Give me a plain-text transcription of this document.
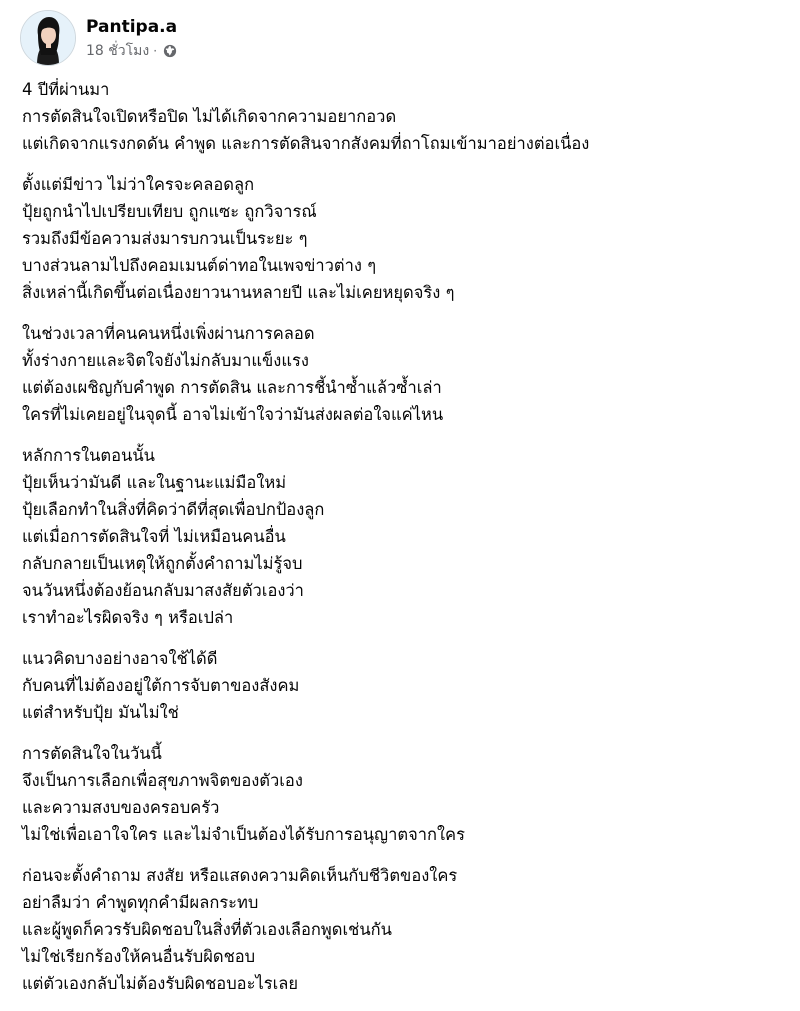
Pantipa.a
18 ชั่วโมง ·
4 ปีที่ผ่านมา
การตัดสินใจเปิดหรือปิด ไม่ได้เกิดจากความอยากอวด
แต่เกิดจากแรงกดดัน คำพูด และการตัดสินจากสังคมที่ถาโถมเข้ามาอย่างต่อเนื่อง
ตั้งแต่มีข่าว ไม่ว่าใครจะคลอดลูก
ปุ้ยถูกนำไปเปรียบเทียบ ถูกแซะ ถูกวิจารณ์
รวมถึงมีข้อความส่งมารบกวนเป็นระยะ ๆ
บางส่วนลามไปถึงคอมเมนต์ด่าทอในเพจข่าวต่าง ๆ
สิ่งเหล่านี้เกิดขึ้นต่อเนื่องยาวนานหลายปี และไม่เคยหยุดจริง ๆ
ในช่วงเวลาที่คนคนหนึ่งเพิ่งผ่านการคลอด
ทั้งร่างกายและจิตใจยังไม่กลับมาแข็งแรง
แต่ต้องเผชิญกับคำพูด การตัดสิน และการชี้นำซ้ำแล้วซ้ำเล่า
ใครที่ไม่เคยอยู่ในจุดนี้ อาจไม่เข้าใจว่ามันส่งผลต่อใจแค่ไหน
หลักการในตอนนั้น
ปุ้ยเห็นว่ามันดี และในฐานะแม่มือใหม่
ปุ้ยเลือกทำในสิ่งที่คิดว่าดีที่สุดเพื่อปกป้องลูก
แต่เมื่อการตัดสินใจที่ ไม่เหมือนคนอื่น
กลับกลายเป็นเหตุให้ถูกตั้งคำถามไม่รู้จบ
จนวันหนึ่งต้องย้อนกลับมาสงสัยตัวเองว่า
เราทำอะไรผิดจริง ๆ หรือเปล่า
แนวคิดบางอย่างอาจใช้ได้ดี
กับคนที่ไม่ต้องอยู่ใต้การจับตาของสังคม
แต่สำหรับปุ้ย มันไม่ใช่
การตัดสินใจในวันนี้
จึงเป็นการเลือกเพื่อสุขภาพจิตของตัวเอง
และความสงบของครอบครัว
ไม่ใช่เพื่อเอาใจใคร และไม่จำเป็นต้องได้รับการอนุญาตจากใคร
ก่อนจะตั้งคำถาม สงสัย หรือแสดงความคิดเห็นกับชีวิตของใคร
อย่าลืมว่า คำพูดทุกคำมีผลกระทบ
และผู้พูดก็ควรรับผิดชอบในสิ่งที่ตัวเองเลือกพูดเช่นกัน
ไม่ใช่เรียกร้องให้คนอื่นรับผิดชอบ
แต่ตัวเองกลับไม่ต้องรับผิดชอบอะไรเลย
